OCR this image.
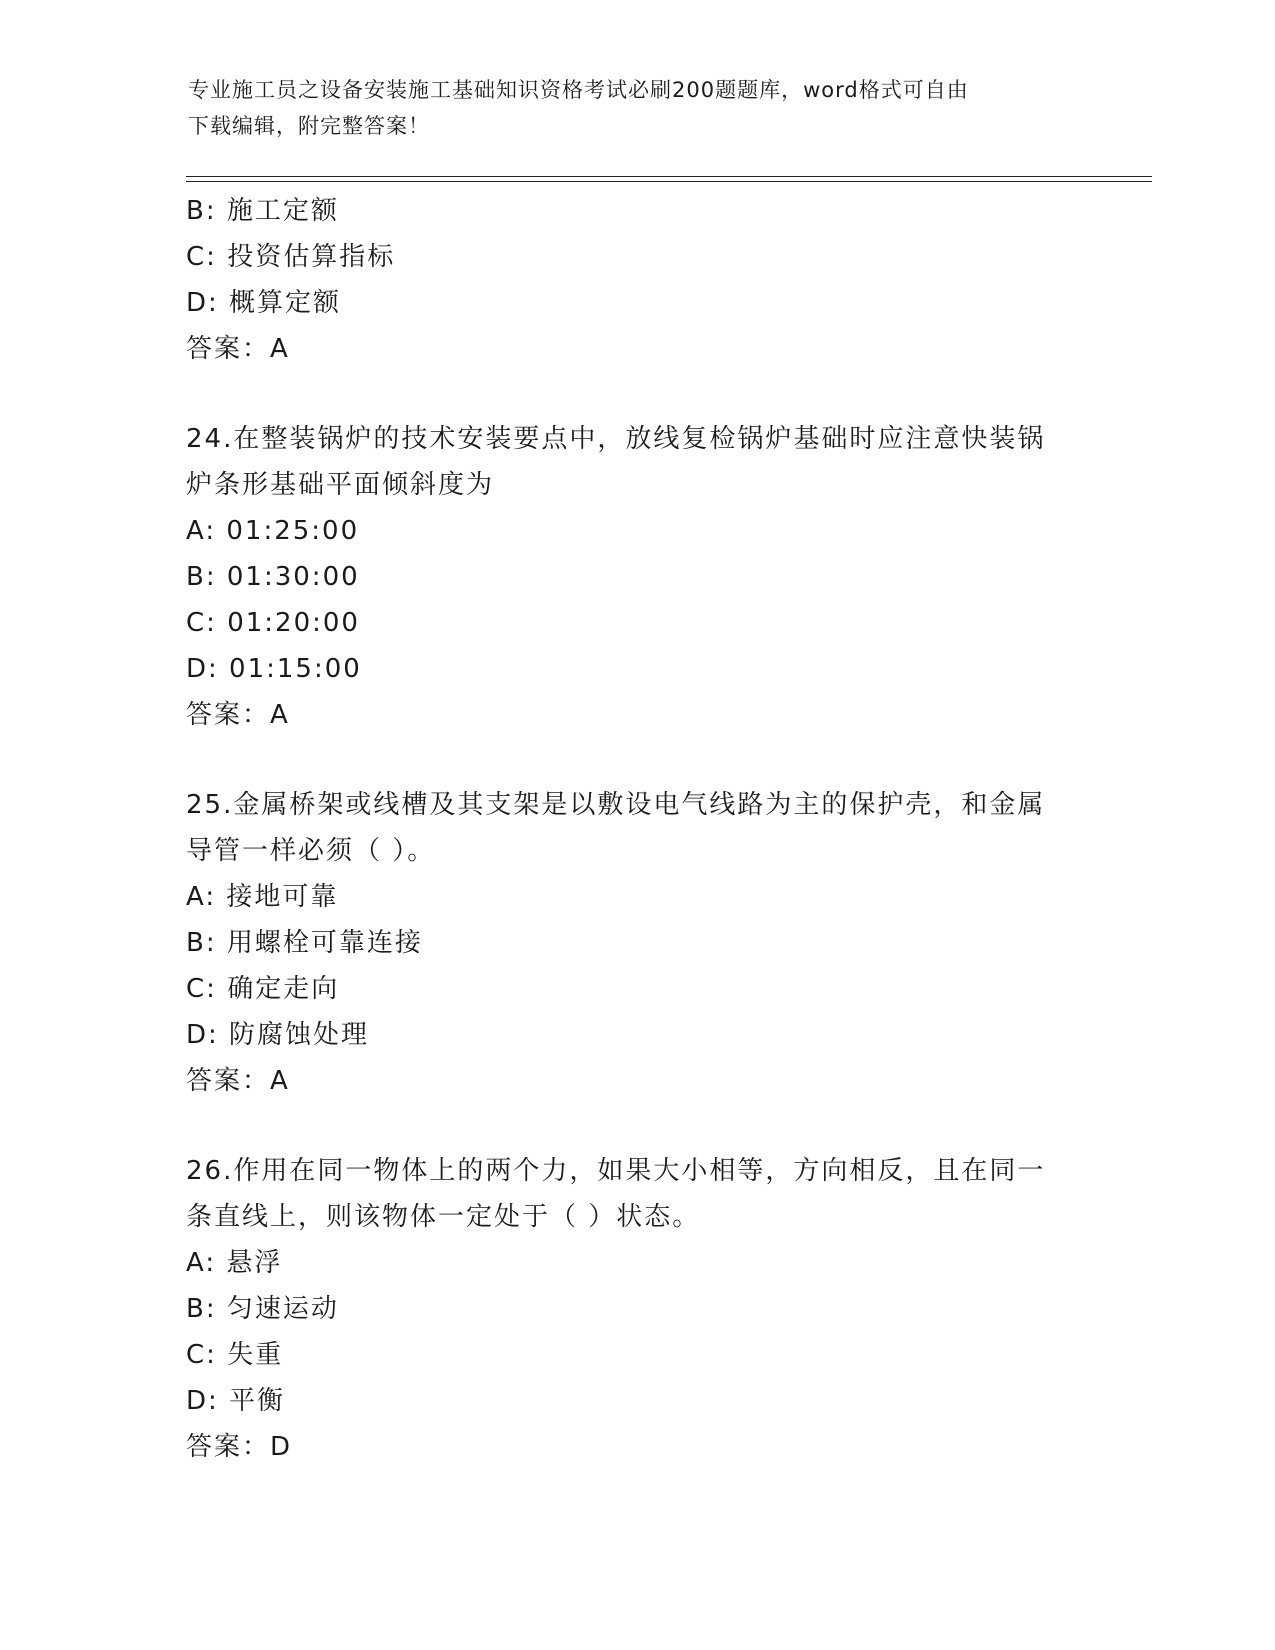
专业施工员之设备安装施工基础知识资格考试必刷200题题库，word格式可自由
下载编辑，附完整答案！
B: 施工定额
C: 投资估算指标
D: 概算定额
答案：A
24.在整装锅炉的技术安装要点中，放线复检锅炉基础时应注意快装锅
炉条形基础平面倾斜度为
A: 01:25:00
B: 01:30:00
C: 01:20:00
D: 01:15:00
答案：A
25.金属桥架或线槽及其支架是以敷设电气线路为主的保护壳，和金属
导管一样必须（ ）。
A: 接地可靠
B: 用螺栓可靠连接
C: 确定走向
D: 防腐蚀处理
答案：A
26.作用在同一物体上的两个力，如果大小相等，方向相反，且在同一
条直线上，则该物体一定处于（ ）状态。
A: 悬浮
B: 匀速运动
C: 失重
D: 平衡
答案：D
